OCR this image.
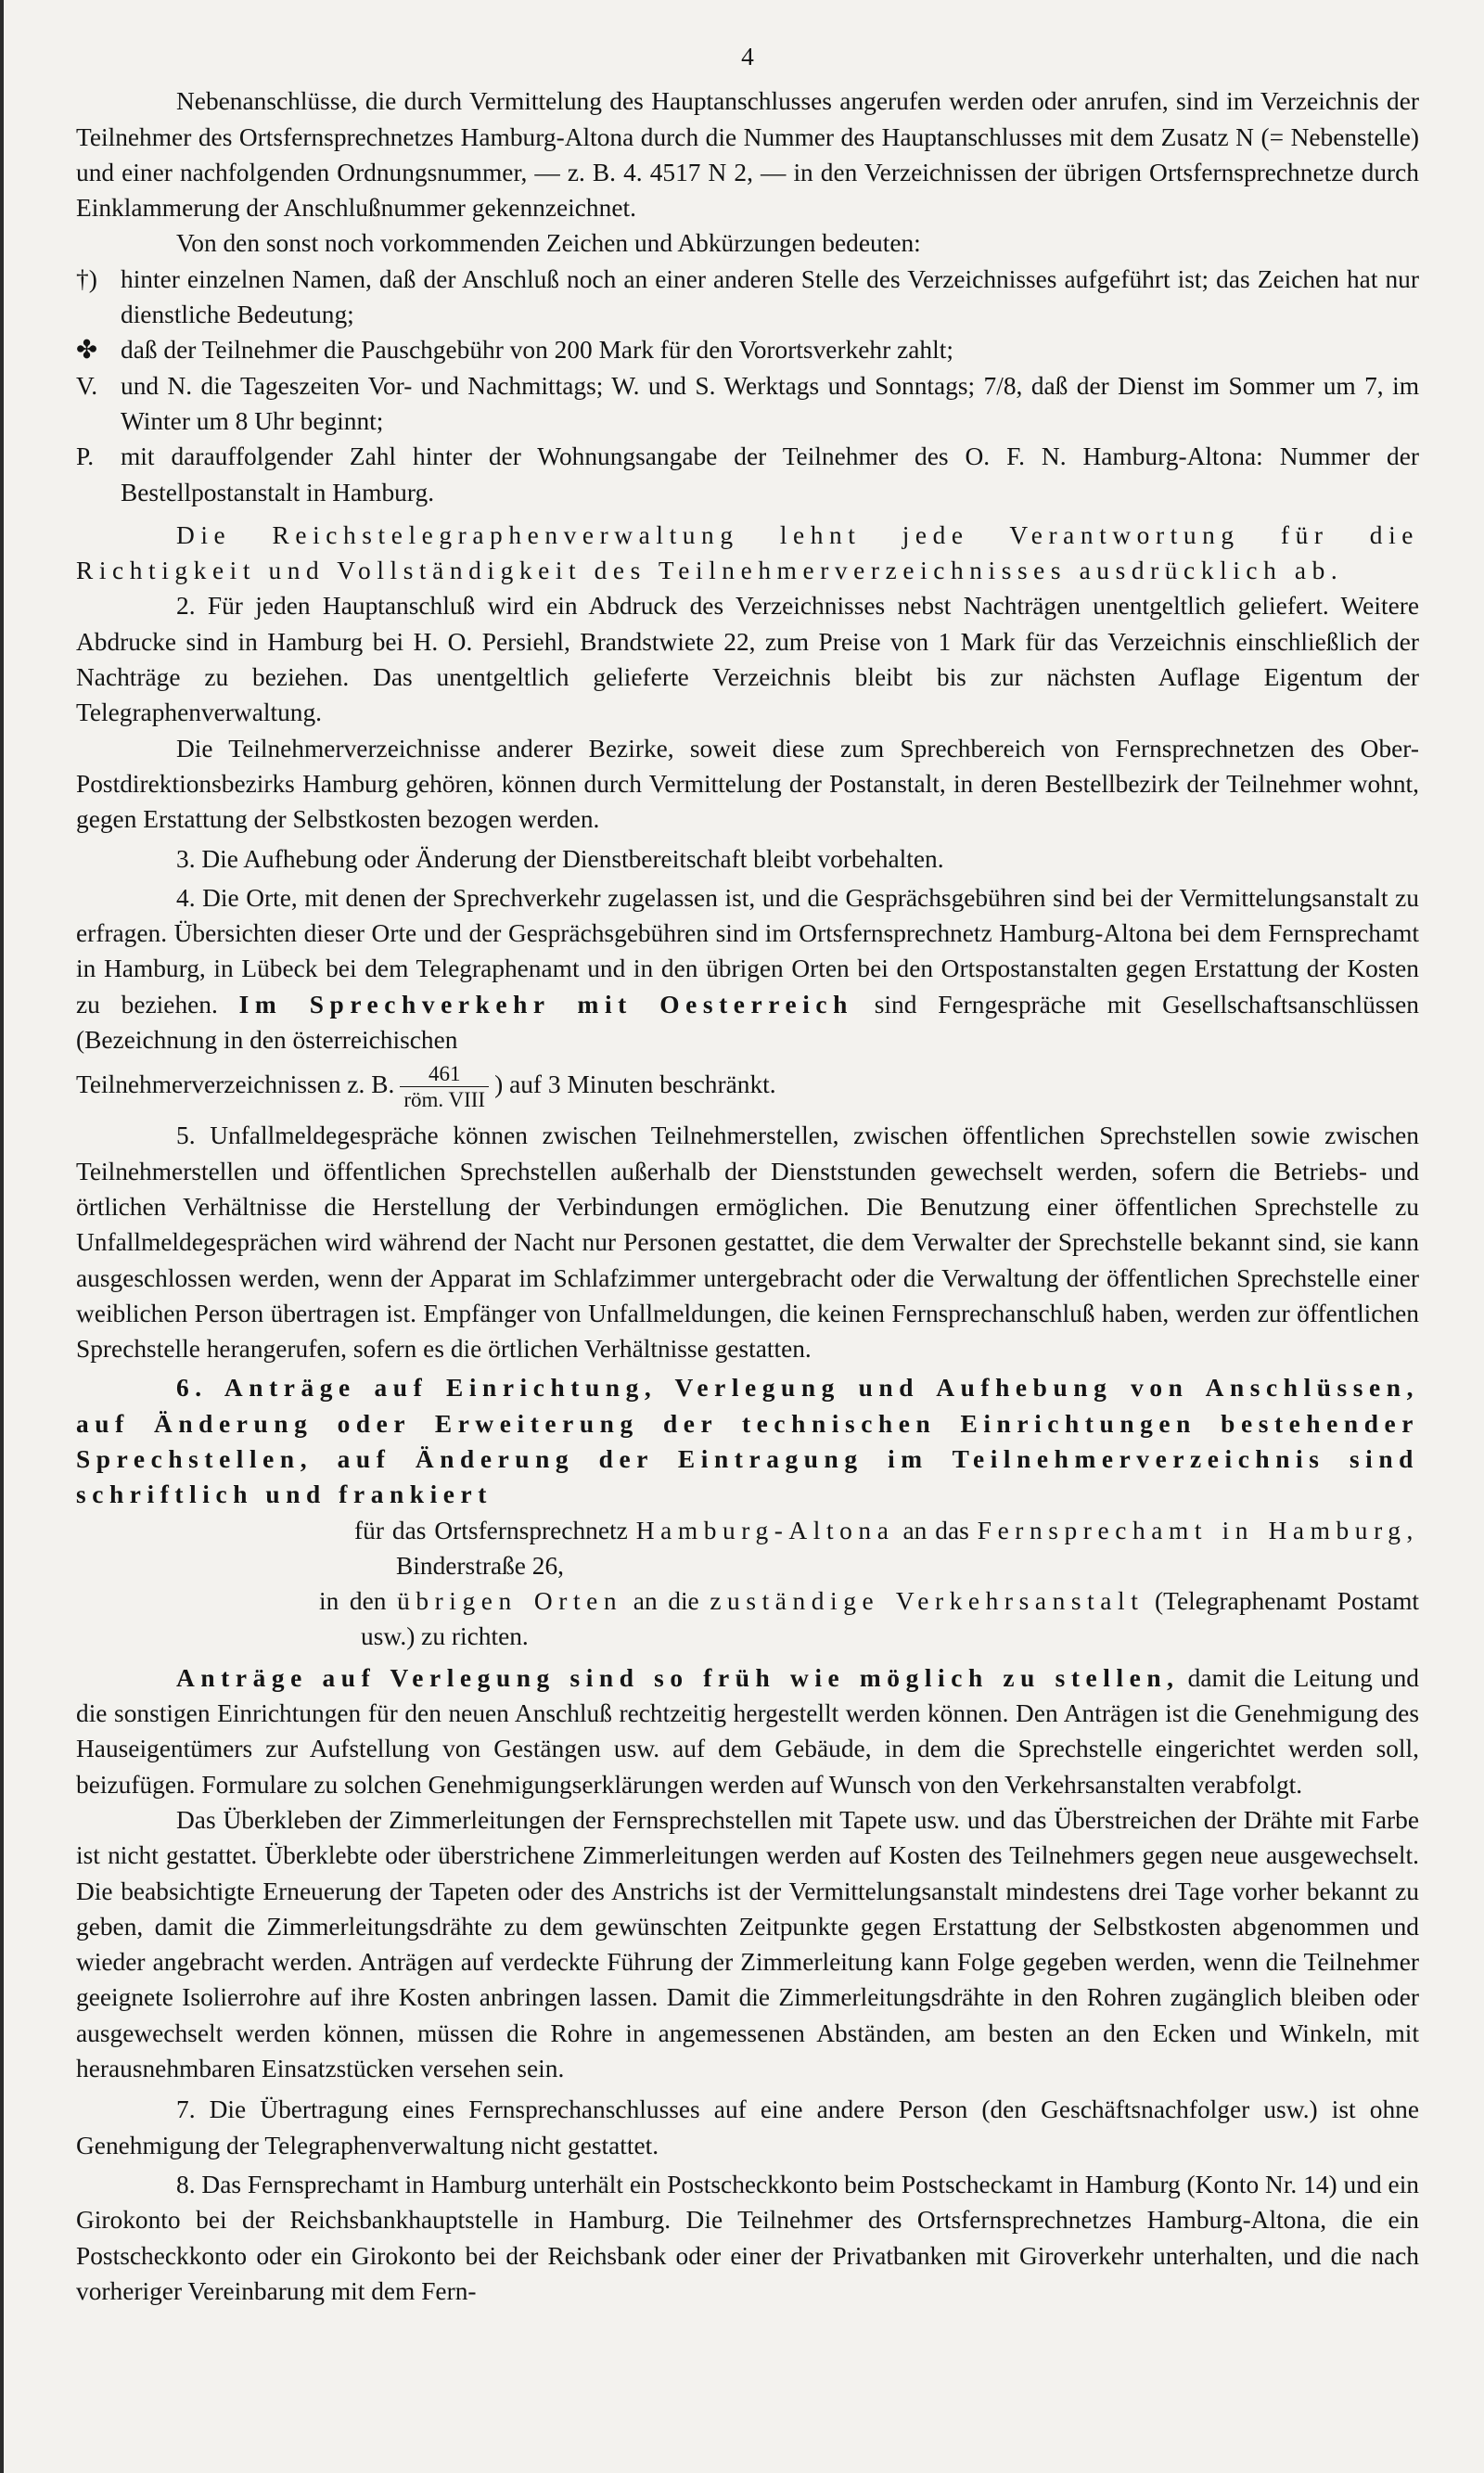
4

Nebenanschlüsse, die durch Vermittelung des Hauptanschlusses angerufen werden oder anrufen, sind im Verzeichnis der Teilnehmer des Ortsfernsprechnetzes Hamburg-Altona durch die Nummer des Hauptanschlusses mit dem Zusatz N (= Nebenstelle) und einer nachfolgenden Ordnungsnummer, — z. B. 4. 4517 N 2, — in den Verzeichnissen der übrigen Ortsfernsprechnetze durch Einklammerung der Anschlußnummer gekennzeichnet.

Von den sonst noch vorkommenden Zeichen und Abkürzungen bedeuten:

†) hinter einzelnen Namen, daß der Anschluß noch an einer anderen Stelle des Verzeichnisses aufgeführt ist; das Zeichen hat nur dienstliche Bedeutung;

✤ daß der Teilnehmer die Pauschgebühr von 200 Mark für den Vorortsverkehr zahlt;

V. und N. die Tageszeiten Vor- und Nachmittags; W. und S. Werktags und Sonntags; 7/8, daß der Dienst im Sommer um 7, im Winter um 8 Uhr beginnt;

P. mit darauffolgender Zahl hinter der Wohnungsangabe der Teilnehmer des O. F. N. Hamburg-Altona: Nummer der Bestellpostanstalt in Hamburg.

Die Reichstelegraphenverwaltung lehnt jede Verantwortung für die Richtigkeit und Vollständigkeit des Teilnehmerverzeichnisses ausdrücklich ab.

2. Für jeden Hauptanschluß wird ein Abdruck des Verzeichnisses nebst Nachträgen unentgeltlich geliefert. Weitere Abdrucke sind in Hamburg bei H. O. Persiehl, Brandstwiete 22, zum Preise von 1 Mark für das Verzeichnis einschließlich der Nachträge zu beziehen. Das unentgeltlich gelieferte Verzeichnis bleibt bis zur nächsten Auflage Eigentum der Telegraphenverwaltung.

Die Teilnehmerverzeichnisse anderer Bezirke, soweit diese zum Sprechbereich von Fernsprechnetzen des Ober-Postdirektionsbezirks Hamburg gehören, können durch Vermittelung der Postanstalt, in deren Bestellbezirk der Teilnehmer wohnt, gegen Erstattung der Selbstkosten bezogen werden.

3. Die Aufhebung oder Änderung der Dienstbereitschaft bleibt vorbehalten.

4. Die Orte, mit denen der Sprechverkehr zugelassen ist, und die Gesprächsgebühren sind bei der Vermittelungsanstalt zu erfragen. Übersichten dieser Orte und der Gesprächsgebühren sind im Ortsfernsprechnetz Hamburg-Altona bei dem Fernsprechamt in Hamburg, in Lübeck bei dem Telegraphenamt und in den übrigen Orten bei den Ortspostanstalten gegen Erstattung der Kosten zu beziehen. Im Sprechverkehr mit Oesterreich sind Ferngespräche mit Gesellschaftsanschlüssen (Bezeichnung in den österreichischen

Teilnehmerverzeichnissen z. B. $\frac{461}{\text{röm. VIII}}$ ) auf 3 Minuten beschränkt.

5. Unfallmeldegespräche können zwischen Teilnehmerstellen, zwischen öffentlichen Sprechstellen sowie zwischen Teilnehmerstellen und öffentlichen Sprechstellen außerhalb der Dienststunden gewechselt werden, sofern die Betriebs- und örtlichen Verhältnisse die Herstellung der Verbindungen ermöglichen. Die Benutzung einer öffentlichen Sprechstelle zu Unfallmeldegesprächen wird während der Nacht nur Personen gestattet, die dem Verwalter der Sprechstelle bekannt sind, sie kann ausgeschlossen werden, wenn der Apparat im Schlafzimmer untergebracht oder die Verwaltung der öffentlichen Sprechstelle einer weiblichen Person übertragen ist. Empfänger von Unfallmeldungen, die keinen Fernsprechanschluß haben, werden zur öffentlichen Sprechstelle herangerufen, sofern es die örtlichen Verhältnisse gestatten.

6. Anträge auf Einrichtung, Verlegung und Aufhebung von Anschlüssen, auf Änderung oder Erweiterung der technischen Einrichtungen bestehender Sprechstellen, auf Änderung der Eintragung im Teilnehmerverzeichnis sind schriftlich und frankiert

für das Ortsfernsprechnetz Hamburg-Altona an das Fernsprechamt in Hamburg, Binderstraße 26,

in den übrigen Orten an die zuständige Verkehrsanstalt (Telegraphenamt Postamt usw.) zu richten.

Anträge auf Verlegung sind so früh wie möglich zu stellen, damit die Leitung und die sonstigen Einrichtungen für den neuen Anschluß rechtzeitig hergestellt werden können. Den Anträgen ist die Genehmigung des Hauseigentümers zur Aufstellung von Gestängen usw. auf dem Gebäude, in dem die Sprechstelle eingerichtet werden soll, beizufügen. Formulare zu solchen Genehmigungserklärungen werden auf Wunsch von den Verkehrsanstalten verabfolgt.

Das Überkleben der Zimmerleitungen der Fernsprechstellen mit Tapete usw. und das Überstreichen der Drähte mit Farbe ist nicht gestattet. Überklebte oder überstrichene Zimmerleitungen werden auf Kosten des Teilnehmers gegen neue ausgewechselt. Die beabsichtigte Erneuerung der Tapeten oder des Anstrichs ist der Vermittelungsanstalt mindestens drei Tage vorher bekannt zu geben, damit die Zimmerleitungsdrähte zu dem gewünschten Zeitpunkte gegen Erstattung der Selbstkosten abgenommen und wieder angebracht werden. Anträgen auf verdeckte Führung der Zimmerleitung kann Folge gegeben werden, wenn die Teilnehmer geeignete Isolierrohre auf ihre Kosten anbringen lassen. Damit die Zimmerleitungsdrähte in den Rohren zugänglich bleiben oder ausgewechselt werden können, müssen die Rohre in angemessenen Abständen, am besten an den Ecken und Winkeln, mit herausnehmbaren Einsatzstücken versehen sein.

7. Die Übertragung eines Fernsprechanschlusses auf eine andere Person (den Geschäftsnachfolger usw.) ist ohne Genehmigung der Telegraphenverwaltung nicht gestattet.

8. Das Fernsprechamt in Hamburg unterhält ein Postscheckkonto beim Postscheckamt in Hamburg (Konto Nr. 14) und ein Girokonto bei der Reichsbankhauptstelle in Hamburg. Die Teilnehmer des Ortsfernsprechnetzes Hamburg-Altona, die ein Postscheckkonto oder ein Girokonto bei der Reichsbank oder einer der Privatbanken mit Giroverkehr unterhalten, und die nach vorheriger Vereinbarung mit dem Fern-
